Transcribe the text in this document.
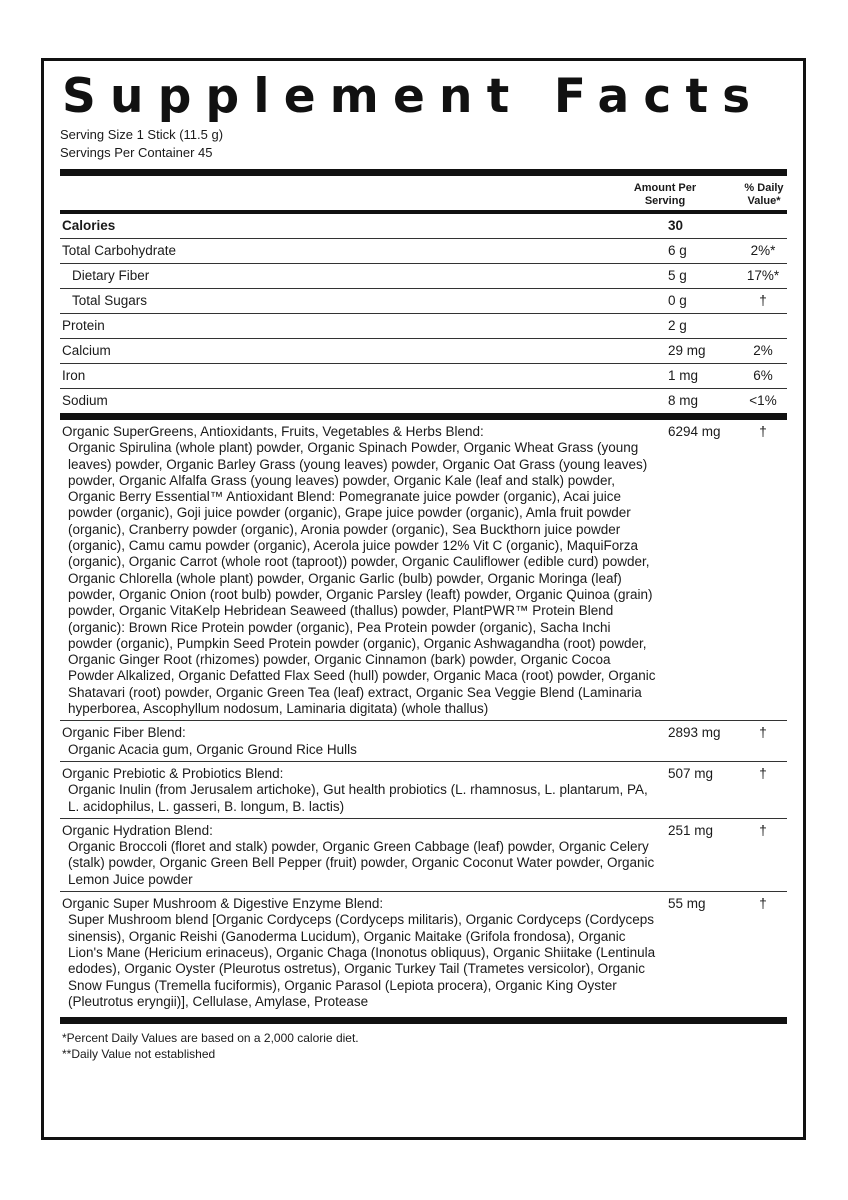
Supplement Facts
Serving Size 1 Stick (11.5 g)
Servings Per Container 45
Amount Per Serving
% Daily Value*
Calories	30
Total Carbohydrate	6 g	2%*
Dietary Fiber	5 g	17%*
Total Sugars	0 g	†
Protein	2 g
Calcium	29 mg	2%
Iron	1 mg	6%
Sodium	8 mg	<1%
Organic SuperGreens, Antioxidants, Fruits, Vegetables & Herbs Blend:
Organic Spirulina (whole plant) powder, Organic Spinach Powder, Organic Wheat Grass (young leaves) powder, Organic Barley Grass (young leaves) powder, Organic Oat Grass (young leaves) powder, Organic Alfalfa Grass (young leaves) powder, Organic Kale (leaf and stalk) powder, Organic Berry Essential™ Antioxidant Blend: Pomegranate juice powder (organic), Acai juice powder (organic), Goji juice powder (organic), Grape juice powder (organic), Amla fruit powder (organic), Cranberry powder (organic), Aronia powder (organic), Sea Buckthorn juice powder (organic), Camu camu powder (organic), Acerola juice powder 12% Vit C (organic), MaquiForza (organic), Organic Carrot (whole root (taproot)) powder, Organic Cauliflower (edible curd) powder, Organic Chlorella (whole plant) powder, Organic Garlic (bulb) powder, Organic Moringa (leaf) powder, Organic Onion (root bulb) powder, Organic Parsley (leaft) powder, Organic Quinoa (grain) powder, Organic VitaKelp Hebridean Seaweed (thallus) powder, PlantPWR™ Protein Blend (organic): Brown Rice Protein powder (organic), Pea Protein powder (organic), Sacha Inchi powder (organic), Pumpkin Seed Protein powder (organic), Organic Ashwagandha (root) powder, Organic Ginger Root (rhizomes) powder, Organic Cinnamon (bark) powder, Organic Cocoa Powder Alkalized, Organic Defatted Flax Seed (hull) powder, Organic Maca (root) powder, Organic Shatavari (root) powder, Organic Green Tea (leaf) extract, Organic Sea Veggie Blend (Laminaria hyperborea, Ascophyllum nodosum, Laminaria digitata) (whole thallus)
6294 mg	†
Organic Fiber Blend:
Organic Acacia gum, Organic Ground Rice Hulls
2893 mg	†
Organic Prebiotic & Probiotics Blend:
Organic Inulin (from Jerusalem artichoke), Gut health probiotics (L. rhamnosus, L. plantarum, PA, L. acidophilus, L. gasseri, B. longum, B. lactis)
507 mg	†
Organic Hydration Blend:
Organic Broccoli (floret and stalk) powder, Organic Green Cabbage (leaf) powder, Organic Celery (stalk) powder, Organic Green Bell Pepper (fruit) powder, Organic Coconut Water powder, Organic Lemon Juice powder
251 mg	†
Organic Super Mushroom & Digestive Enzyme Blend:
Super Mushroom blend [Organic Cordyceps (Cordyceps militaris), Organic Cordyceps (Cordyceps sinensis), Organic Reishi (Ganoderma Lucidum), Organic Maitake (Grifola frondosa), Organic Lion's Mane (Hericium erinaceus), Organic Chaga (Inonotus obliquus), Organic Shiitake (Lentinula edodes), Organic Oyster (Pleurotus ostretus), Organic Turkey Tail (Trametes versicolor), Organic Snow Fungus (Tremella fuciformis), Organic Parasol (Lepiota procera), Organic King Oyster (Pleutrotus eryngii)], Cellulase, Amylase, Protease
55 mg	†
*Percent Daily Values are based on a 2,000 calorie diet.
**Daily Value not established
